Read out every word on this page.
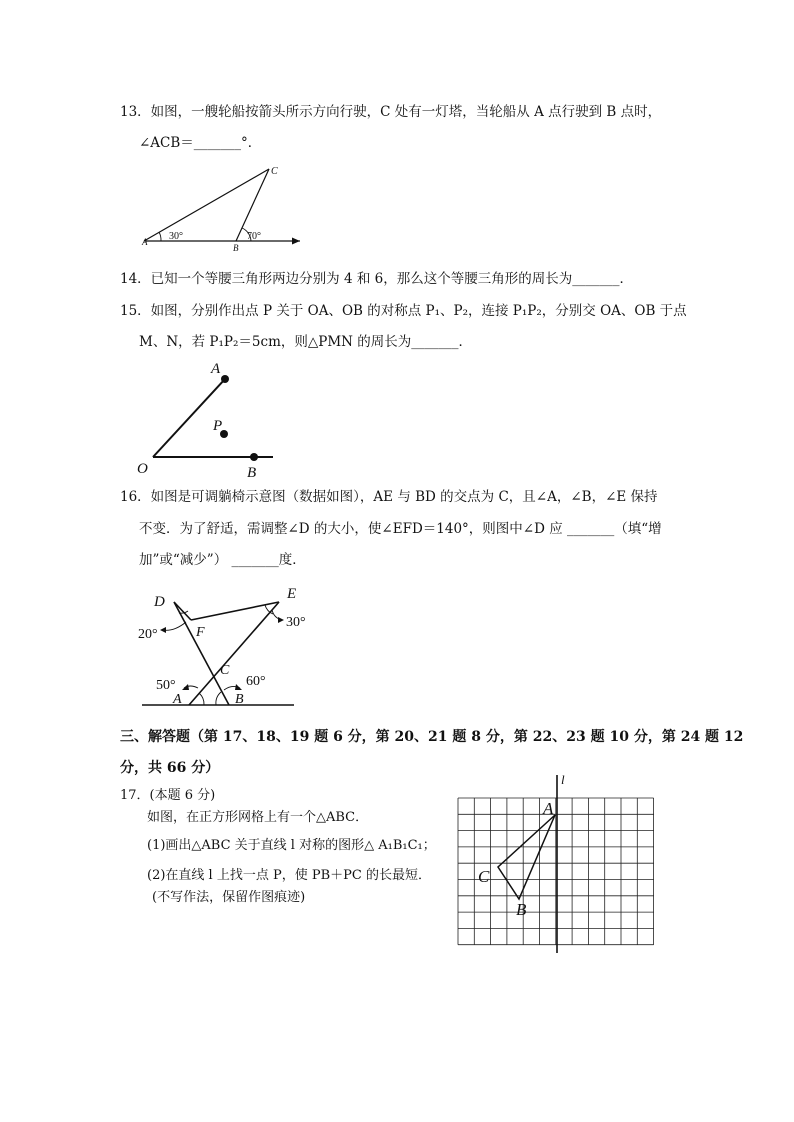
13．如图，一艘轮船按箭头所示方向行驶，C 处有一灯塔，当轮船从 A 点行驶到 B 点时，
∠ACB＝_______°．
C
A
B
30°	70°
14．已知一个等腰三角形两边分别为 4 和 6，那么这个等腰三角形的周长为_______．
15．如图，分别作出点 P 关于 OA、OB 的对称点 P₁、P₂，连接 P₁P₂，分别交 OA、OB 于点
M、N，若 P₁P₂＝5cm，则△PMN 的周长为_______．
A
P
O	B
16．如图是可调躺椅示意图（数据如图），AE 与 BD 的交点为 C，且∠A，∠B，∠E 保持
不变．为了舒适，需调整∠D 的大小，使∠EFD＝140°，则图中∠D 应 _______（填“增
加”或“减少”） _______度．
D	E
F
C
A	B
20°
30°
50°	60°
三、解答题（第 17、18、19 题 6 分，第 20、21 题 8 分，第 22、23 题 10 分，第 24 题 12
分，共 66 分）
17．(本题 6 分)
如图，在正方形网格上有一个△ABC．
(1)画出△ABC 关于直线 l 对称的图形△ A₁B₁C₁；
(2)在直线 l 上找一点 P，使 PB＋PC 的长最短．
(不写作法，保留作图痕迹)
l
A
C
B
